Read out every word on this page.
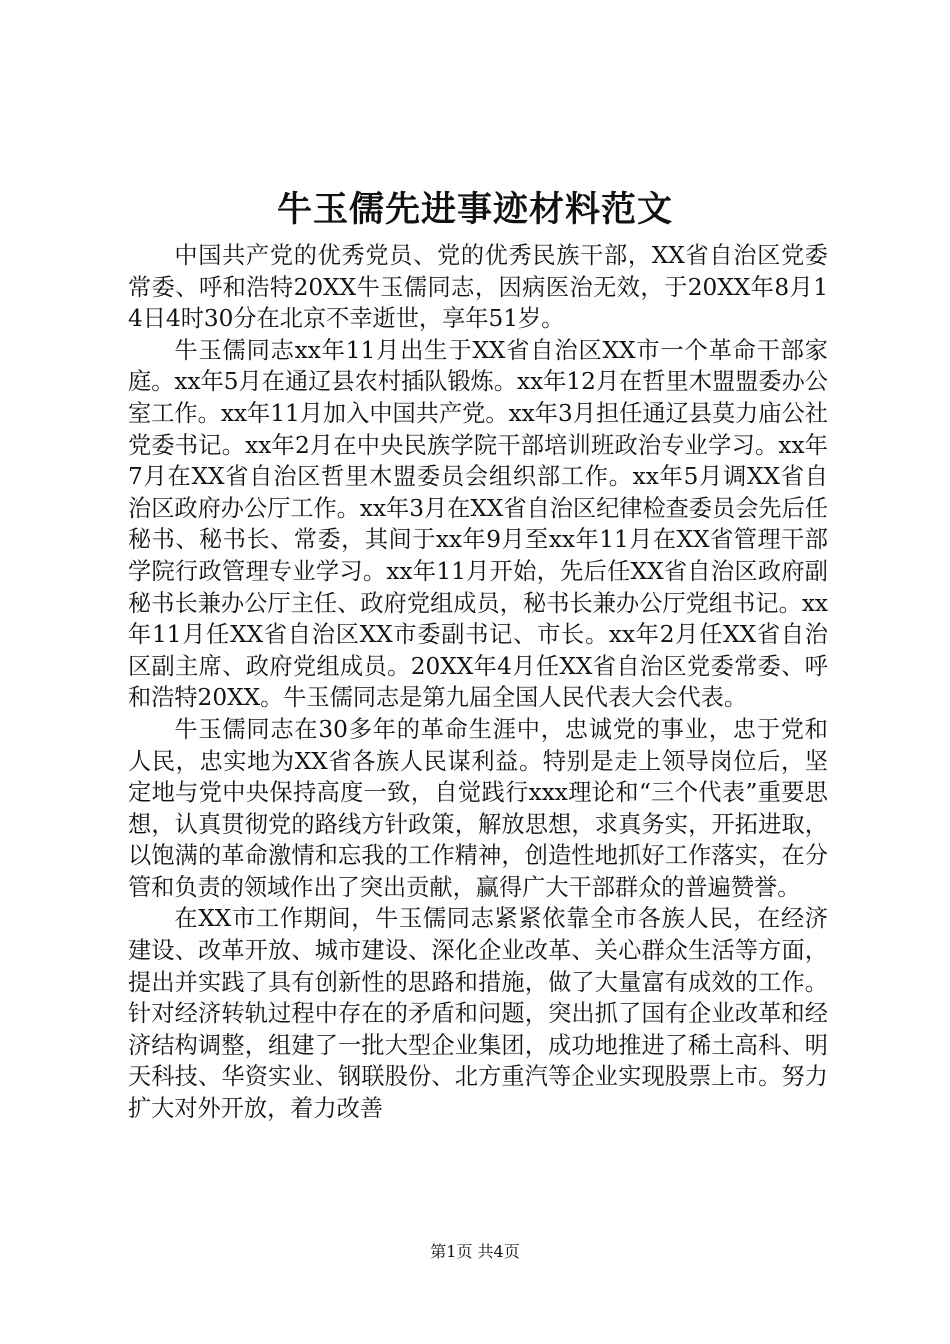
牛玉儒先进事迹材料范文

中国共产党的优秀党员、党的优秀民族干部，XX省自治区党委常委、呼和浩特20XX牛玉儒同志，因病医治无效，于20XX年8月14日4时30分在北京不幸逝世，享年51岁。

牛玉儒同志xx年11月出生于XX省自治区XX市一个革命干部家庭。xx年5月在通辽县农村插队锻炼。xx年12月在哲里木盟盟委办公室工作。xx年11月加入中国共产党。xx年3月担任通辽县莫力庙公社党委书记。xx年2月在中央民族学院干部培训班政治专业学习。xx年7月在XX省自治区哲里木盟委员会组织部工作。xx年5月调XX省自治区政府办公厅工作。xx年3月在XX省自治区纪律检查委员会先后任秘书、秘书长、常委，其间于xx年9月至xx年11月在XX省管理干部学院行政管理专业学习。xx年11月开始，先后任XX省自治区政府副秘书长兼办公厅主任、政府党组成员，秘书长兼办公厅党组书记。xx年11月任XX省自治区XX市委副书记、市长。xx年2月任XX省自治区副主席、政府党组成员。20XX年4月任XX省自治区党委常委、呼和浩特20XX。牛玉儒同志是第九届全国人民代表大会代表。

牛玉儒同志在30多年的革命生涯中，忠诚党的事业，忠于党和人民，忠实地为XX省各族人民谋利益。特别是走上领导岗位后，坚定地与党中央保持高度一致，自觉践行xxx理论和“三个代表”重要思想，认真贯彻党的路线方针政策，解放思想，求真务实，开拓进取，以饱满的革命激情和忘我的工作精神，创造性地抓好工作落实，在分管和负责的领域作出了突出贡献，赢得广大干部群众的普遍赞誉。

在XX市工作期间，牛玉儒同志紧紧依靠全市各族人民，在经济建设、改革开放、城市建设、深化企业改革、关心群众生活等方面，提出并实践了具有创新性的思路和措施，做了大量富有成效的工作。针对经济转轨过程中存在的矛盾和问题，突出抓了国有企业改革和经济结构调整，组建了一批大型企业集团，成功地推进了稀土高科、明天科技、华资实业、钢联股份、北方重汽等企业实现股票上市。努力扩大对外开放，着力改善

第1页 共4页
